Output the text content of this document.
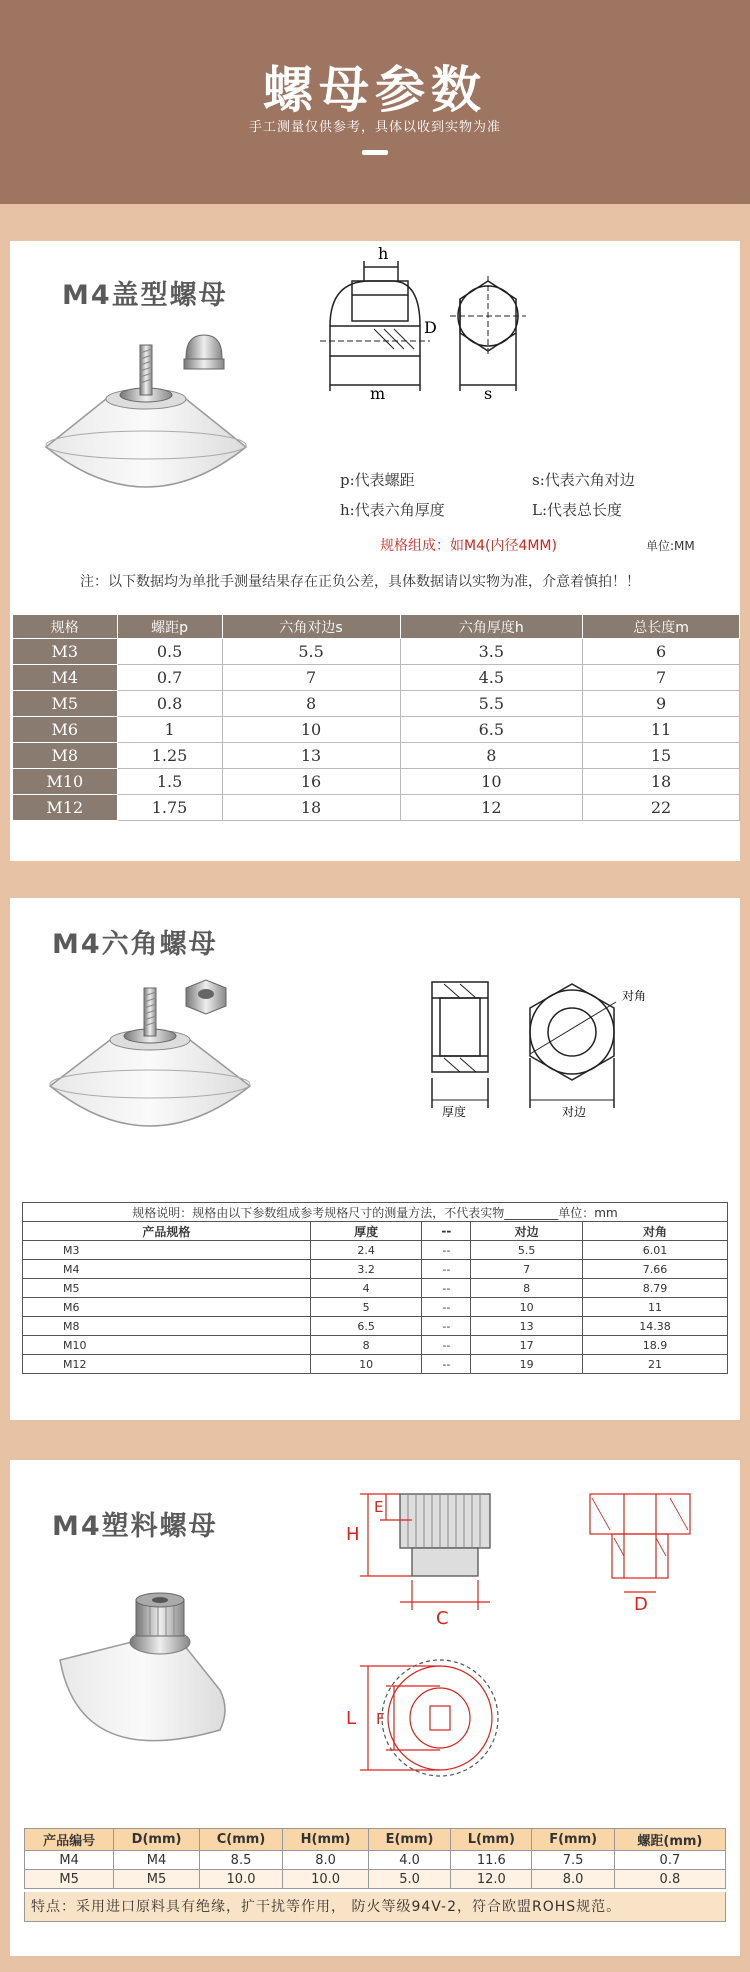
螺母参数
手工测量仅供参考，具体以收到实物为准
M4盖型螺母
h
D
m	s
p:代表螺距	s:代表六角对边
h:代表六角厚度	L:代表总长度
规格组成：如M4(内径4MM)	单位:MM
注：以下数据均为单批手测量结果存在正负公差，具体数据请以实物为准，介意着慎拍！！
规格	螺距p	六角对边s	六角厚度h	总长度m
M3	0.5	5.5	3.5	6
M4	0.7	7	4.5	7
M5	0.8	8	5.5	9
M6	1	10	6.5	11
M8	1.25	13	8	15
M10	1.5	16	10	18
M12	1.75	18	12	22
M4六角螺母
厚度	对边
对角
规格说明：规格由以下参数组成参考规格尺寸的测量方法，不代表实物_________单位：mm				
产品规格	厚度	--	对边	对角
M3	2.4	--	5.5	6.01
M4	3.2	--	7	7.66
M5	4	--	8	8.79
M6	5	--	10	11
M8	6.5	--	13	14.38
M10	8	--	17	18.9
M12	10	--	19	21
M4塑料螺母	H
E
C
D
L F
产品编号	D(mm)	C(mm)	H(mm)	E(mm)	L(mm)	F(mm)	螺距(mm)
M4	M4	8.5	8.0	4.0	11.6	7.5	0.7
M5	M5	10.0	10.0	5.0	12.0	8.0	0.8
特点：采用进口原料具有绝缘，扩干扰等作用， 防火等级94V-2，符合欧盟ROHS规范。
